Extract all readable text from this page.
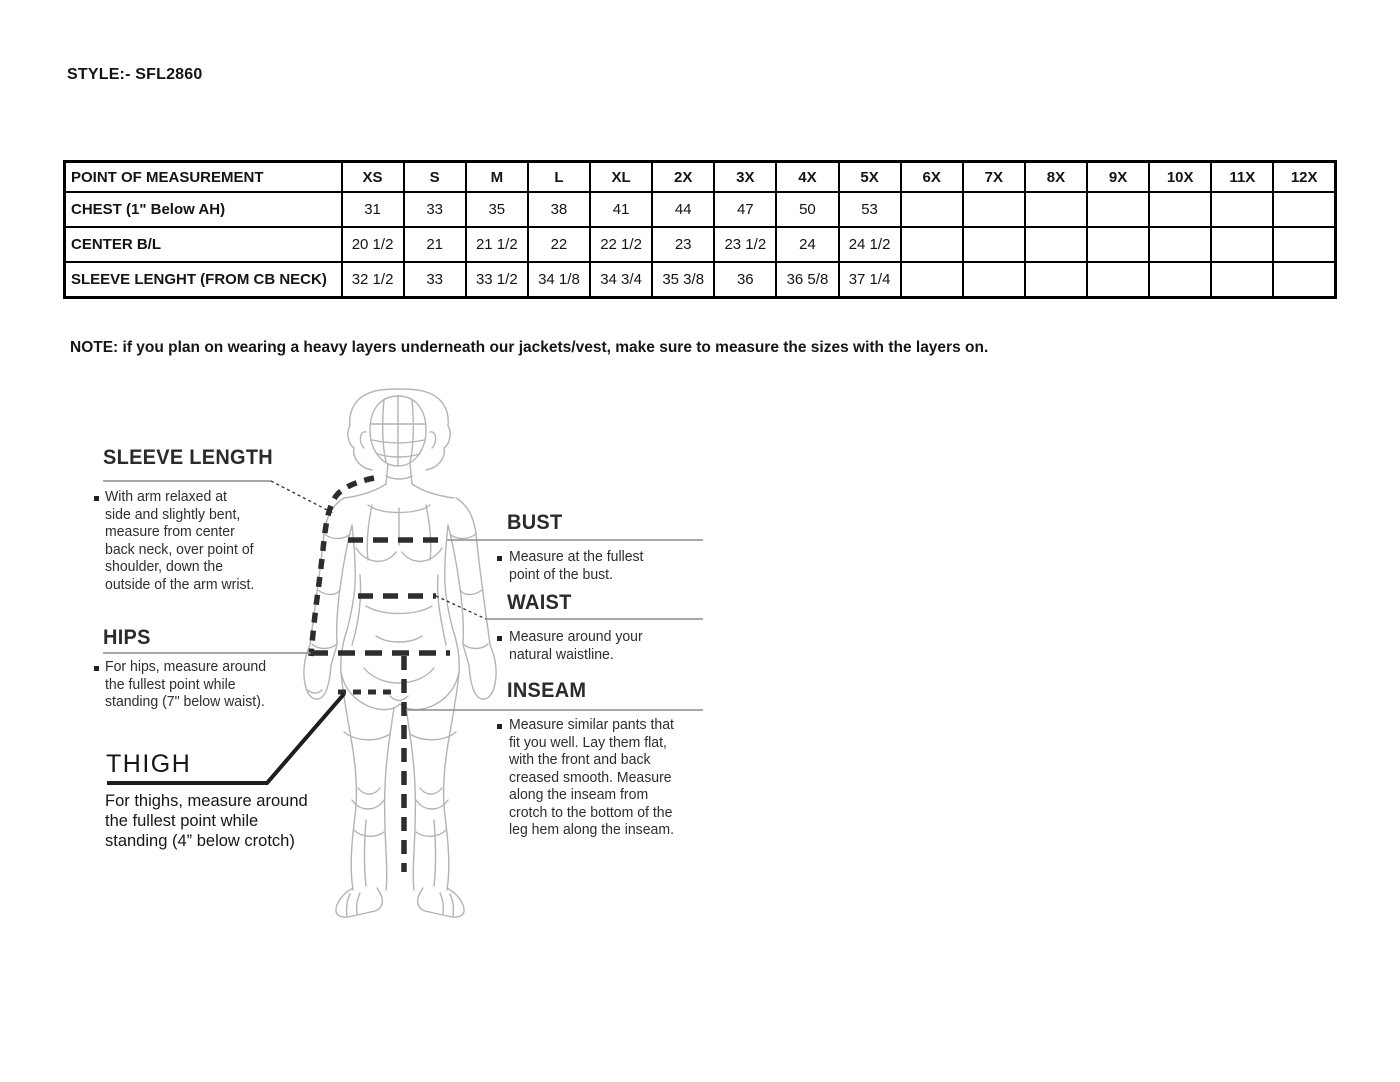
STYLE:- SFL2860
POINT OF MEASUREMENT	XS	S	M	L	XL	2X	3X	4X	5X	6X	7X	8X	9X	10X	11X	12X
CHEST (1" Below AH)	31	33	35	38	41	44	47	50	53							
CENTER B/L	20 1/2	21	21 1/2	22	22 1/2	23	23 1/2	24	24 1/2							
SLEEVE LENGHT (FROM CB NECK)	32 1/2	33	33 1/2	34 1/8	34 3/4	35 3/8	36	36 5/8	37 1/4							
NOTE: if you plan on wearing a heavy layers underneath our jackets/vest, make sure to measure the sizes with the layers on.
SLEEVE LENGTH
With arm relaxed at side and slightly bent, measure from center back neck, over point of shoulder, down the outside of the arm wrist.
HIPS
For hips, measure around the fullest point while standing (7" below waist).
THIGH
For thighs, measure around the fullest point while standing (4” below crotch)
BUST
Measure at the fullest point of the bust.
WAIST
Measure around your natural waistline.
INSEAM
Measure similar pants that fit you well. Lay them flat, with the front and back creased smooth. Measure along the inseam from crotch to the bottom of the leg hem along the inseam.
